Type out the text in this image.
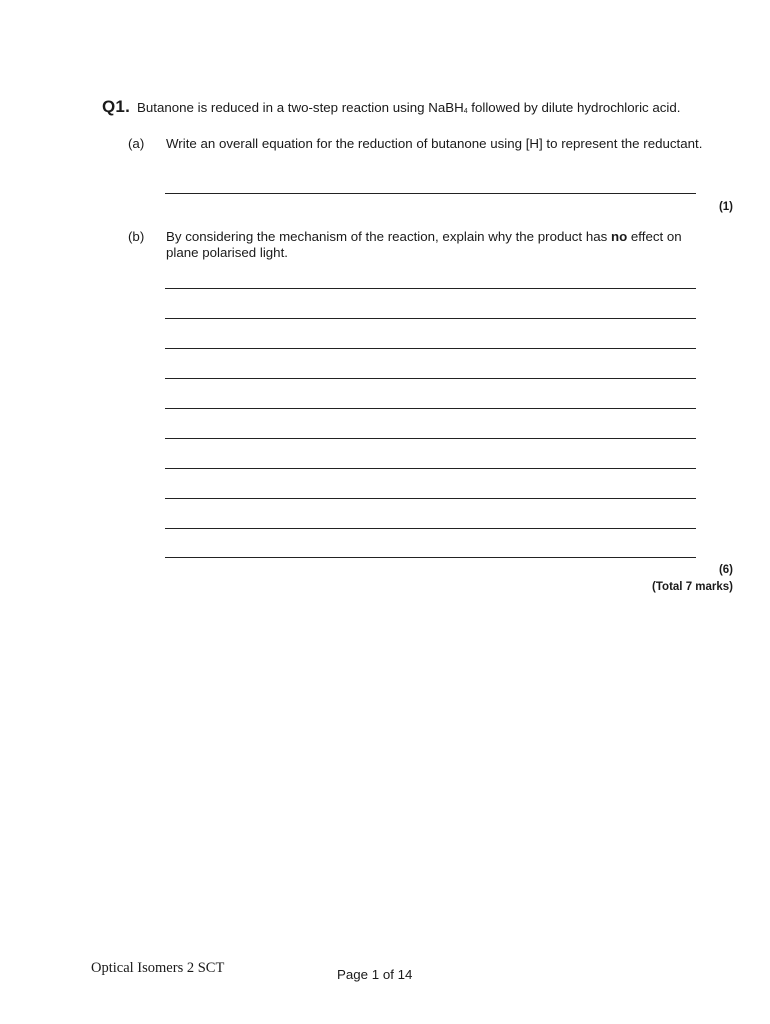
Q1. Butanone is reduced in a two-step reaction using NaBH$_4$ followed by dilute hydrochloric acid.
(a) Write an overall equation for the reduction of butanone using [H] to represent the reductant.
(1)
(b) By considering the mechanism of the reaction, explain why the product has no effect on plane polarised light.
(6)
(Total 7 marks)
Optical Isomers 2 SCT	Page 1 of 14
